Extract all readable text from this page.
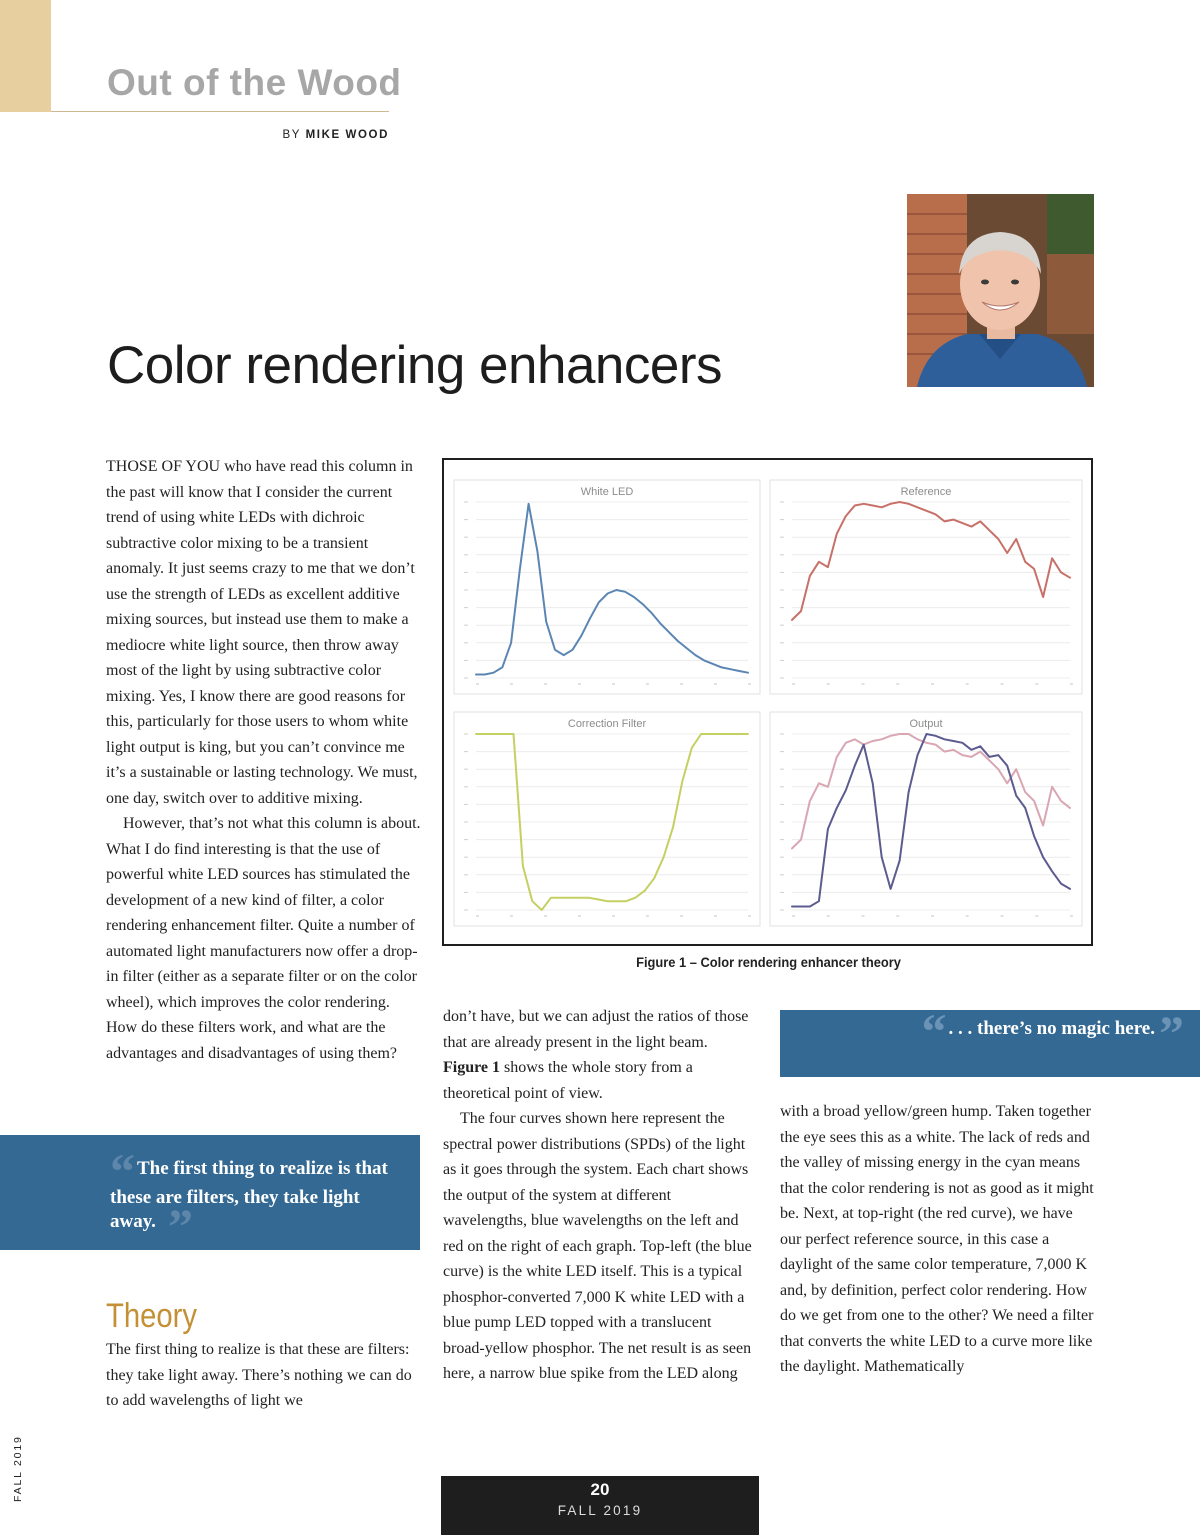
Out of the Wood
BY MIKE WOOD
Color rendering enhancers

THOSE OF YOU who have read this column in the past will know that I consider the current trend of using white LEDs with dichroic subtractive color mixing to be a transient anomaly. It just seems crazy to me that we don’t use the strength of LEDs as excellent additive mixing sources, but instead use them to make a mediocre white light source, then throw away most of the light by using subtractive color mixing. Yes, I know there are good reasons for this, particularly for those users to whom white light output is king, but you can’t convince me it’s a sustainable or lasting technology. We must, one day, switch over to additive mixing.

However, that’s not what this column is about. What I do find interesting is that the use of powerful white LED sources has stimulated the development of a new kind of filter, a color rendering enhancement filter. Quite a number of automated light manufacturers now offer a drop-in filter (either as a separate filter or on the color wheel), which improves the color rendering. How do these filters work, and what are the advantages and disadvantages of using them?

“ The first thing to realize is that these are filters, they take light away. ”
Theory

The first thing to realize is that these are filters: they take light away. There’s nothing we can do to add wavelengths of light we

White LED	Reference
Correction Filter	Output
Figure 1 – Color rendering enhancer theory

don’t have, but we can adjust the ratios of those that are already present in the light beam. Figure 1 shows the whole story from a theoretical point of view.

The four curves shown here represent the spectral power distributions (SPDs) of the light as it goes through the system. Each chart shows the output of the system at different wavelengths, blue wavelengths on the left and red on the right of each graph. Top-left (the blue curve) is the white LED itself. This is a typical phosphor-converted 7,000 K white LED with a blue pump LED topped with a translucent broad-yellow phosphor. The net result is as seen here, a narrow blue spike from the LED along

“ . . . there’s no magic here.”

with a broad yellow/green hump. Taken together the eye sees this as a white. The lack of reds and the valley of missing energy in the cyan means that the color rendering is not as good as it might be. Next, at top-right (the red curve), we have our perfect reference source, in this case a daylight of the same color temperature, 7,000 K and, by definition, perfect color rendering. How do we get from one to the other? We need a filter that converts the white LED to a curve more like the daylight. Mathematically

FALL 2019	20
FALL 2019
